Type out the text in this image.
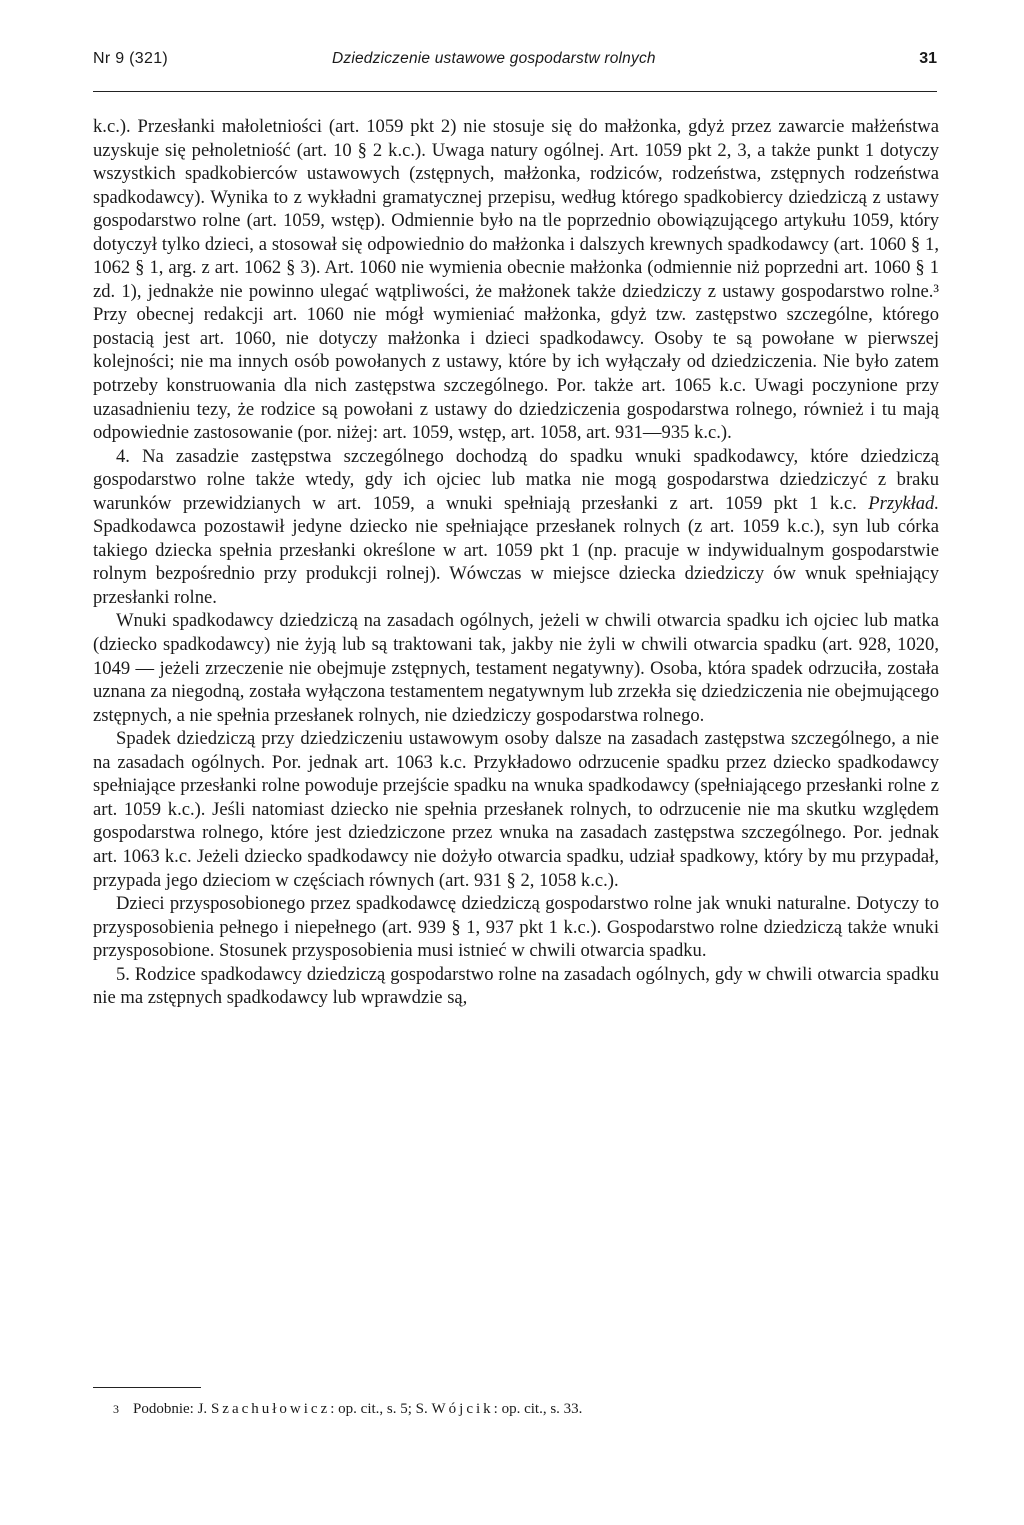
Nr 9 (321)	Dziedziczenie ustawowe gospodarstw rolnych	31

k.c.). Przesłanki małoletniości (art. 1059 pkt 2) nie stosuje się do małżonka, gdyż przez zawarcie małżeństwa uzyskuje się pełnoletniość (art. 10 § 2 k.c.). Uwaga natury ogólnej. Art. 1059 pkt 2, 3, a także punkt 1 dotyczy wszystkich spadkobierców ustawowych (zstępnych, małżonka, rodziców, rodzeństwa, zstępnych rodzeństwa spadkodawcy). Wynika to z wykładni gramatycznej przepisu, według którego spadkobiercy dziedziczą z ustawy gospodarstwo rolne (art. 1059, wstęp). Odmiennie było na tle poprzednio obowiązującego artykułu 1059, który dotyczył tylko dzieci, a stosował się odpowiednio do małżonka i dalszych krewnych spadkodawcy (art. 1060 § 1, 1062 § 1, arg. z art. 1062 § 3). Art. 1060 nie wymienia obecnie małżonka (odmiennie niż poprzedni art. 1060 § 1 zd. 1), jednakże nie powinno ulegać wątpliwości, że małżonek także dziedziczy z ustawy gospodarstwo rolne.³ Przy obecnej redakcji art. 1060 nie mógł wymieniać małżonka, gdyż tzw. zastępstwo szczególne, którego postacią jest art. 1060, nie dotyczy małżonka i dzieci spadkodawcy. Osoby te są powołane w pierwszej kolejności; nie ma innych osób powołanych z ustawy, które by ich wyłączały od dziedziczenia. Nie było zatem potrzeby konstruowania dla nich zastępstwa szczególnego. Por. także art. 1065 k.c. Uwagi poczynione przy uzasadnieniu tezy, że rodzice są powołani z ustawy do dziedziczenia gospodarstwa rolnego, również i tu mają odpowiednie zastosowanie (por. niżej: art. 1059, wstęp, art. 1058, art. 931—935 k.c.).

4. Na zasadzie zastępstwa szczególnego dochodzą do spadku wnuki spadkodawcy, które dziedziczą gospodarstwo rolne także wtedy, gdy ich ojciec lub matka nie mogą gospodarstwa dziedziczyć z braku warunków przewidzianych w art. 1059, a wnuki spełniają przesłanki z art. 1059 pkt 1 k.c. Przykład. Spadkodawca pozostawił jedyne dziecko nie spełniające przesłanek rolnych (z art. 1059 k.c.), syn lub córka takiego dziecka spełnia przesłanki określone w art. 1059 pkt 1 (np. pracuje w indywidualnym gospodarstwie rolnym bezpośrednio przy produkcji rolnej). Wówczas w miejsce dziecka dziedziczy ów wnuk spełniający przesłanki rolne.

Wnuki spadkodawcy dziedziczą na zasadach ogólnych, jeżeli w chwili otwarcia spadku ich ojciec lub matka (dziecko spadkodawcy) nie żyją lub są traktowani tak, jakby nie żyli w chwili otwarcia spadku (art. 928, 1020, 1049 — jeżeli zrzeczenie nie obejmuje zstępnych, testament negatywny). Osoba, która spadek odrzuciła, została uznana za niegodną, została wyłączona testamentem negatywnym lub zrzekła się dziedziczenia nie obejmującego zstępnych, a nie spełnia przesłanek rolnych, nie dziedziczy gospodarstwa rolnego.

Spadek dziedziczą przy dziedziczeniu ustawowym osoby dalsze na zasadach zastępstwa szczególnego, a nie na zasadach ogólnych. Por. jednak art. 1063 k.c. Przykładowo odrzucenie spadku przez dziecko spadkodawcy spełniające przesłanki rolne powoduje przejście spadku na wnuka spadkodawcy (spełniającego przesłanki rolne z art. 1059 k.c.). Jeśli natomiast dziecko nie spełnia przesłanek rolnych, to odrzucenie nie ma skutku względem gospodarstwa rolnego, które jest dziedziczone przez wnuka na zasadach zastępstwa szczególnego. Por. jednak art. 1063 k.c. Jeżeli dziecko spadkodawcy nie dożyło otwarcia spadku, udział spadkowy, który by mu przypadał, przypada jego dzieciom w częściach równych (art. 931 § 2, 1058 k.c.).

Dzieci przysposobionego przez spadkodawcę dziedziczą gospodarstwo rolne jak wnuki naturalne. Dotyczy to przysposobienia pełnego i niepełnego (art. 939 § 1, 937 pkt 1 k.c.). Gospodarstwo rolne dziedziczą także wnuki przysposobione. Stosunek przysposobienia musi istnieć w chwili otwarcia spadku.

5. Rodzice spadkodawcy dziedziczą gospodarstwo rolne na zasadach ogólnych, gdy w chwili otwarcia spadku nie ma zstępnych spadkodawcy lub wprawdzie są,

3 Podobnie: J. Szachułowicz: op. cit., s. 5; S. Wójcik: op. cit., s. 33.
